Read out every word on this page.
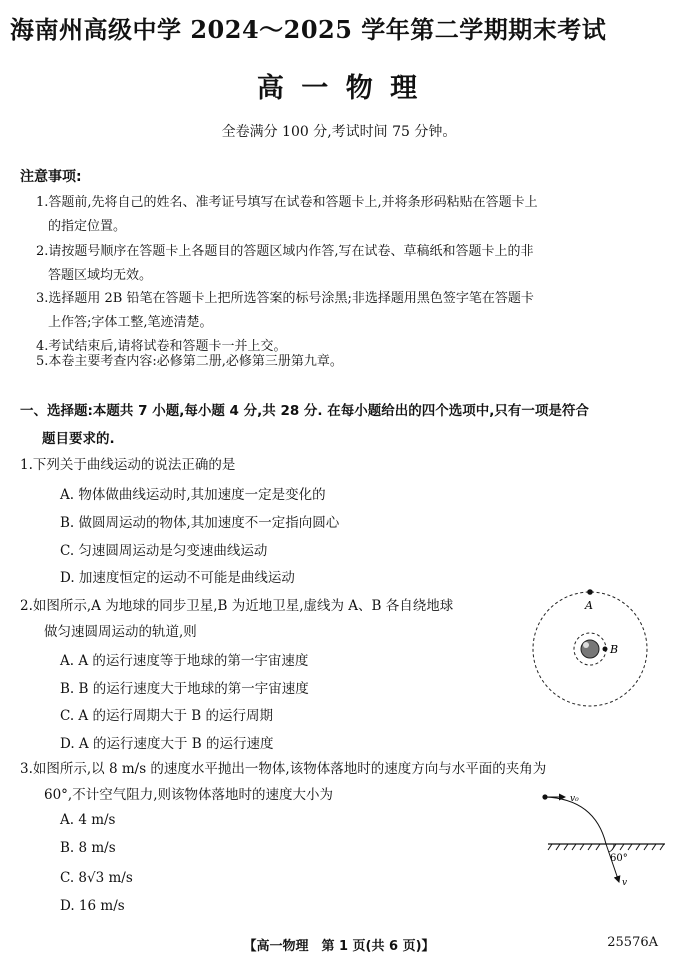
海南州高级中学 2024～2025 学年第二学期期末考试
高 一 物 理
全卷满分 100 分,考试时间 75 分钟。
注意事项:
1.答题前,先将自己的姓名、准考证号填写在试卷和答题卡上,并将条形码粘贴在答题卡上
的指定位置。
2.请按题号顺序在答题卡上各题目的答题区域内作答,写在试卷、草稿纸和答题卡上的非
答题区域均无效。
3.选择题用 2B 铅笔在答题卡上把所选答案的标号涂黑;非选择题用黑色签字笔在答题卡
上作答;字体工整,笔迹清楚。
4.考试结束后,请将试卷和答题卡一并上交。
5.本卷主要考查内容:必修第二册,必修第三册第九章。
一、选择题:本题共 7 小题,每小题 4 分,共 28 分. 在每小题给出的四个选项中,只有一项是符合
题目要求的.
1.下列关于曲线运动的说法正确的是
A. 物体做曲线运动时,其加速度一定是变化的
B. 做圆周运动的物体,其加速度不一定指向圆心
C. 匀速圆周运动是匀变速曲线运动
D. 加速度恒定的运动不可能是曲线运动
2.如图所示,A 为地球的同步卫星,B 为近地卫星,虚线为 A、B 各自绕地球
做匀速圆周运动的轨道,则
A. A 的运行速度等于地球的第一宇宙速度
B. B 的运行速度大于地球的第一宇宙速度
C. A 的运行周期大于 B 的运行周期
D. A 的运行速度大于 B 的运行速度
A
B
3.如图所示,以 8 m/s 的速度水平抛出一物体,该物体落地时的速度方向与水平面的夹角为
60°,不计空气阻力,则该物体落地时的速度大小为
A. 4 m/s
B. 8 m/s
C. 8√3 m/s
D. 16 m/s
v₀
60°
v
【高一物理　第 1 页(共 6 页)】	25576A
